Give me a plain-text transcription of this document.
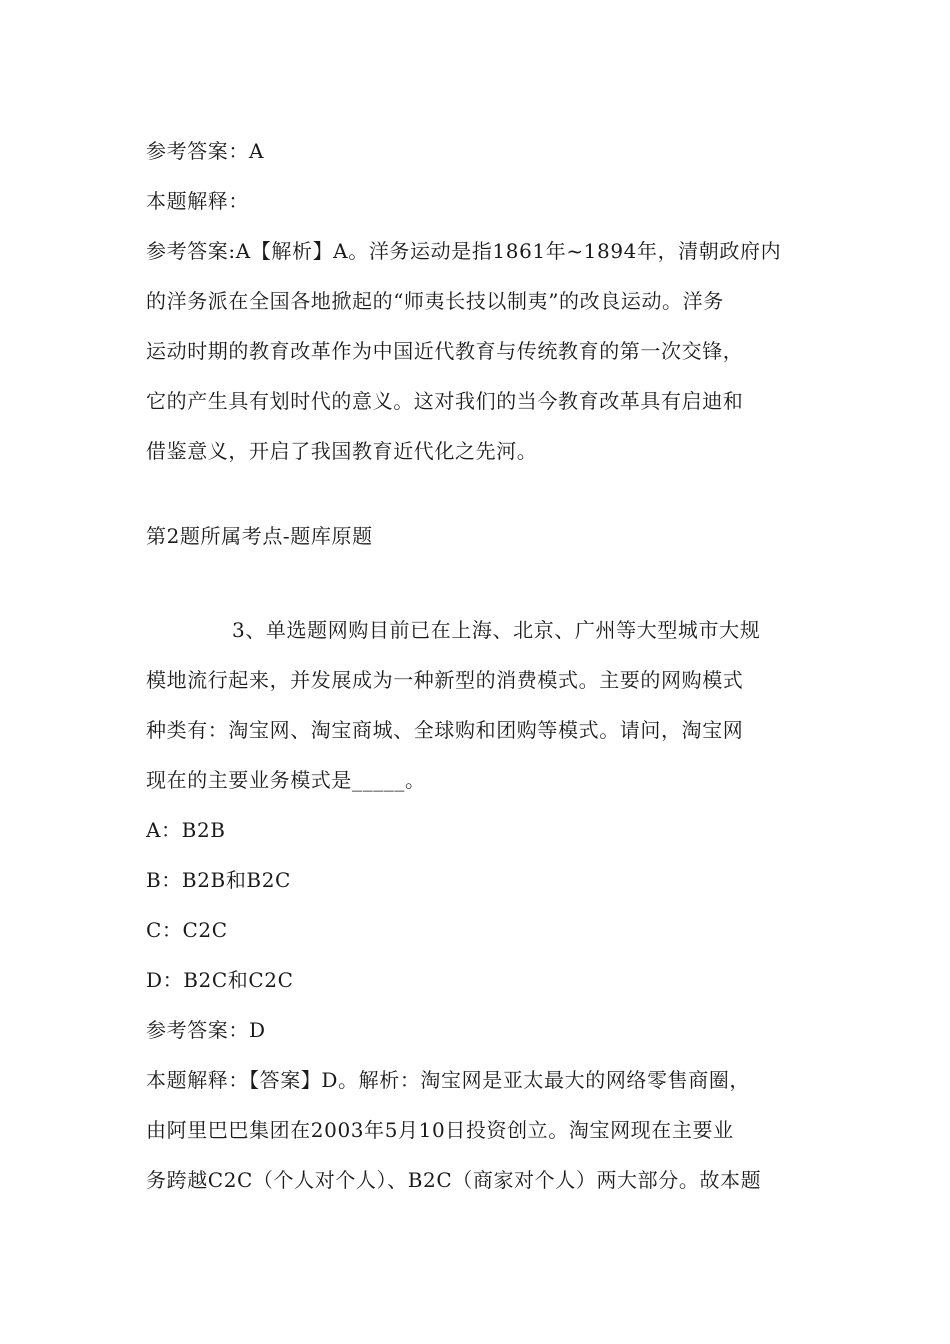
参考答案：A
本题解释：
参考答案:A【解析】A。洋务运动是指1861年~1894年，清朝政府内
的洋务派在全国各地掀起的“师夷长技以制夷”的改良运动。洋务
运动时期的教育改革作为中国近代教育与传统教育的第一次交锋，
它的产生具有划时代的意义。这对我们的当今教育改革具有启迪和
借鉴意义，开启了我国教育近代化之先河。
第2题所属考点-题库原题
3、单选题网购目前已在上海、北京、广州等大型城市大规
模地流行起来，并发展成为一种新型的消费模式。主要的网购模式
种类有：淘宝网、淘宝商城、全球购和团购等模式。请问，淘宝网
现在的主要业务模式是_____。
A：B2B
B：B2B和B2C
C：C2C
D：B2C和C2C
参考答案：D
本题解释：【答案】D。解析：淘宝网是亚太最大的网络零售商圈，
由阿里巴巴集团在2003年5月10日投资创立。淘宝网现在主要业
务跨越C2C（个人对个人）、B2C（商家对个人）两大部分。故本题
